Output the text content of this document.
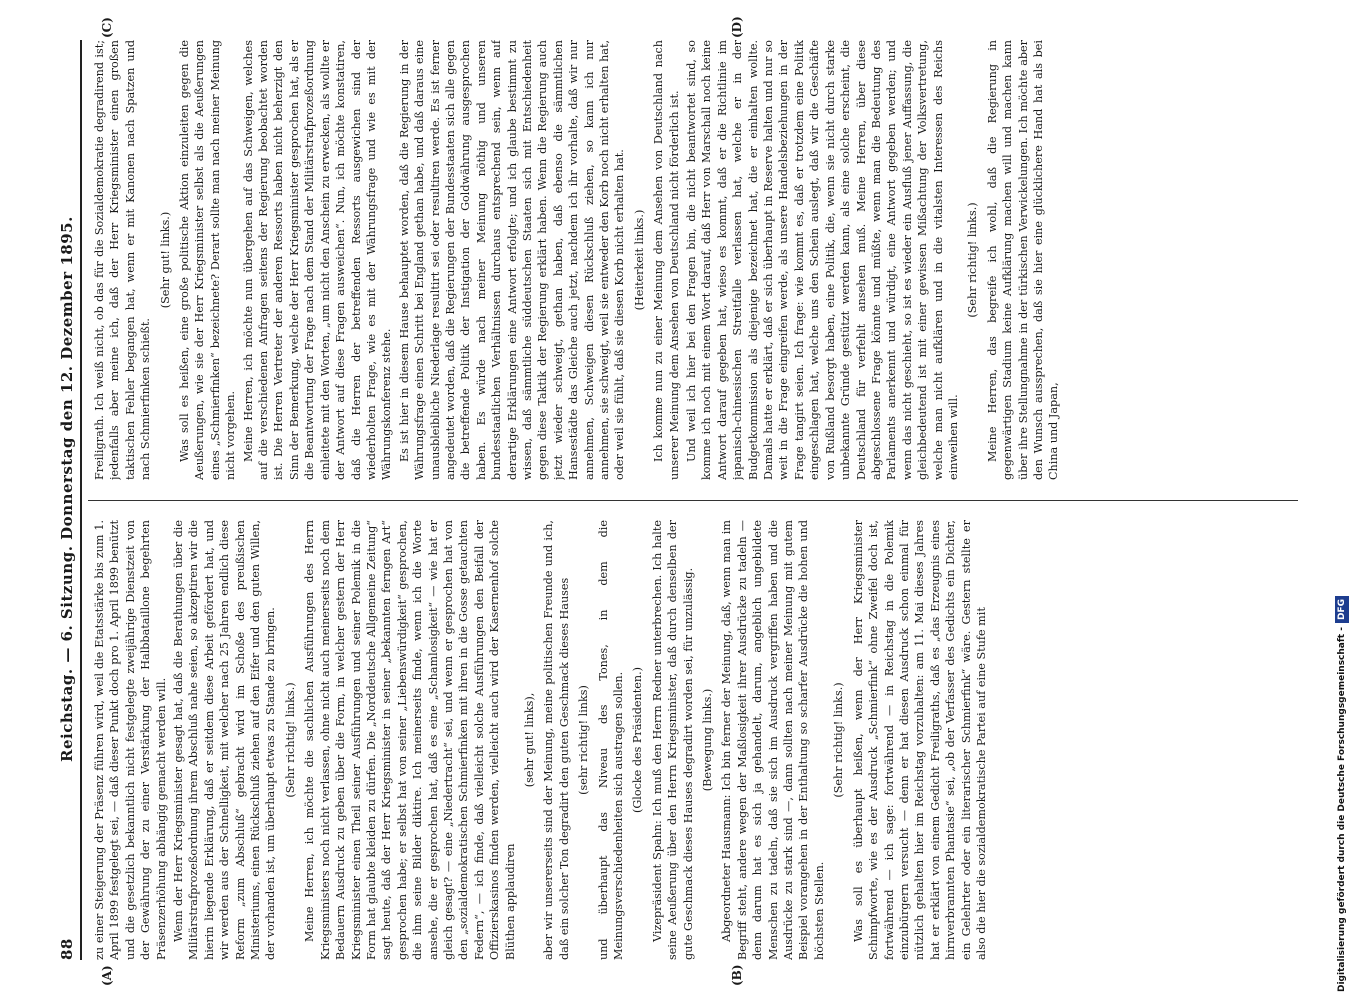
88
Reichstag. — 6. Sitzung. Donnerstag den 12. Dezember 1895.
(A)	(B)
(C)	(D)

zu einer Steigerung der Präsenz führen wird, weil die Etatsstärke bis zum 1. April 1899 festgelegt sei, — daß dieser Punkt doch pro 1. April 1899 benützt und die gesetzlich bekanntlich nicht festgelegte zweijährige Dienstzeit von der Gewährung der zu einer Verstärkung der Halbbataillone begehrten Präsenzerhöhung abhängig gemacht werden will. Wenn der Herr Kriegsminister gesagt hat, daß die Berathungen über die Militärstrafprozeßordnung ihrem Abschluß nahe seien, so akzeptiren wir die hierin liegende Erklärung, daß er seitdem diese Arbeit gefördert hat, und wir werden aus der Schnelligkeit, mit welcher nach 25 Jahren endlich diese Reform „zum Abschluß“ gebracht wird im Schoße des preußischen Ministeriums, einen Rückschluß ziehen auf den Eifer und den guten Willen, der vorhanden ist, um überhaupt etwas zu Stande zu bringen. (Sehr richtig! links.) Meine Herren, ich möchte die sachlichen Ausführungen des Herrn Kriegsministers noch nicht verlassen, ohne nicht auch meinerseits noch dem Bedauern Ausdruck zu geben über die Form, in welcher gestern der Herr Kriegsminister einen Theil seiner Ausführungen und seiner Polemik in die Form hat glaubte kleiden zu dürfen. Die „Norddeutsche Allgemeine Zeitung“ sagt heute, daß der Herr Kriegsminister in seiner „bekannten ferngen Art“ gesprochen habe; er selbst hat von seiner „Liebenswürdigkeit“ gesprochen, die ihm seine Bilder diktire. Ich meinerseits finde, wenn ich die Worte ansehe, die er gesprochen hat, daß es eine „Schamlosigkeit“ — wie hat er gleich gesagt? — eine „Niedertracht“ sei, und wenn er gesprochen hat von den „sozialdemokratischen Schmierfinken mit ihren in die Gosse getauchten Federn“, — ich finde, daß vielleicht solche Ausführungen den Beifall der Offizierskasinos finden werden, vielleicht auch wird der Kasernenhof solche Blüthen applaudiren

(sehr gut! links), aber wir unsererseits sind der Meinung, meine politischen Freunde und ich, daß ein solcher Ton degradirt den guten Geschmack dieses Hauses (sehr richtig! links) und überhaupt das Niveau des Tones, in dem die Meinungsverschiedenheiten sich austragen sollen. (Glocke des Präsidenten.) Vizepräsident Spahn: Ich muß den Herrn Redner unterbrechen. Ich halte seine Aeußerung über den Herrn Kriegsminister, daß durch denselben der gute Geschmack dieses Hauses degradirt worden sei, für unzulässig. (Bewegung links.) Abgeordneter Hausmann: Ich bin ferner der Meinung, daß, wenn man im Begriff steht, andere wegen der Maßlosigkeit ihrer Ausdrücke zu tadeln — denn darum hat es sich ja gehandelt, darum, angeblich ungebildete Menschen zu tadeln, daß sie sich im Ausdruck vergriffen haben und die Ausdrücke zu stark sind —, dann sollten nach meiner Meinung mit gutem Beispiel vorangehen in der Enthaltung so scharfer Ausdrücke die hohen und höchsten Stellen.

(Sehr richtig! links.) Was soll es überhaupt heißen, wenn der Herr Kriegsminister Schimpfworte, wie es der Ausdruck „Schmierfink“ ohne Zweifel doch ist, fortwährend — ich sage: fortwährend — in Reichstag in die Polemik einzubürgern versucht — denn er hat diesen Ausdruck schon einmal für nützlich gehalten hier im Reichstag vorzuhalten: am 11. Mai dieses Jahres hat er erklärt von einem Gedicht Freiligraths, daß es „das Erzeugnis eines hirnverbrannten Phantasie“ sei, „ob der Verfasser des Gedichts ein Dichter, ein Gelehrter oder ein literarischer Schmierfink“ wäre. Gestern stellte er also die hier die sozialdemokratische Partei auf eine Stufe mit

Freiligrath. Ich weiß nicht, ob das für die Sozialdemokratie degradirend ist; jedenfalls aber meine ich, daß der Herr Kriegsminister einen großen taktischen Fehler begangen hat, wenn er mit Kanonen nach Spatzen und nach Schmierfinken schießt.

(Sehr gut! links.) Was soll es heißen, eine große politische Aktion einzuleiten gegen die Aeußerungen, wie sie der Herr Kriegsminister selbst als die Aeußerungen eines „Schmierfinken“ bezeichnete? Derart sollte man nach meiner Meinung nicht vorgehen. Meine Herren, ich möchte nun übergehen auf das Schweigen, welches auf die verschiedenen Anfragen seitens der Regierung beobachtet worden ist. Die Herren Vertreter der anderen Ressorts haben nicht beherzigt den Sinn der Bemerkung, welche der Herr Kriegsminister gesprochen hat, als er die Beantwortung der Frage nach dem Stand der Militärstrafprozeßordnung einleitete mit den Worten, „um nicht den Anschein zu erwecken, als wollte er der Antwort auf diese Fragen ausweichen“. Nun, ich möchte konstatiren, daß die Herren der betreffenden Ressorts ausgewichen sind der wiederholten Frage, wie es mit der Währungsfrage und wie es mit der Währungskonferenz stehe. Es ist hier in diesem Hause behauptet worden, daß die Regierung in der Währungsfrage einen Schritt bei England gethan habe, und daß daraus eine unausbleibliche Niederlage resultirt sei oder resultiren werde. Es ist ferner angedeutet worden, daß die Regierungen der Bundesstaaten sich alle gegen die betreffende Politik der Instigation der Goldwährung ausgesprochen haben. Es würde nach meiner Meinung nöthig und unseren bundesstaatlichen Verhältnissen durchaus entsprechend sein, wenn auf derartige Erklärungen eine Antwort erfolgte; und ich glaube bestimmt zu wissen, daß sämmtliche süddeutschen Staaten sich mit Entschiedenheit gegen diese Taktik der Regierung erklärt haben. Wenn die Regierung auch jetzt wieder schweigt, gethan haben, daß ebenso die sämmtlichen Hansestädte das Gleiche auch jetzt, nachdem ich ihr vorhalte, daß wir nur annehmen, Schweigen diesen Rückschluß ziehen, so kann ich nur annehmen, sie schweigt, weil sie entweder den Korb noch nicht erhalten hat, oder weil sie fühlt, daß sie diesen Korb nicht erhalten hat. (Heiterkeit links.) Ich komme nun zu einer Meinung dem Ansehen von Deutschland nach unserer Meinung dem Ansehen von Deutschland nicht förderlich ist. Und weil ich hier bei den Fragen bin, die nicht beantwortet sind, so komme ich noch mit einem Wort darauf, daß Herr von Marschall noch keine Antwort darauf gegeben hat, wieso es kommt, daß er die Richtlinie im japanisch-chinesischen Streitfalle verlassen hat, welche er in der Budgetkommission als diejenige bezeichnet hat, die er einhalten wollte. Damals hatte er erklärt, daß er sich überhaupt in Reserve halten und nur so weit in die Frage eingreifen werde, als unsere Handelsbeziehungen in der Frage tangirt seien. Ich frage: wie kommt es, daß er trotzdem eine Politik eingeschlagen hat, welche uns den Schein auslegt, daß wir die Geschäfte von Rußland besorgt haben, eine Politik, die, wenn sie nicht durch starke unbekannte Gründe gestützt werden kann, als eine solche erscheint, die Deutschland für verfehlt ansehen muß. Meine Herren, über diese abgeschlossene Frage könnte und müßte, wenn man die Bedeutung des Parlaments anerkennt und würdigt, eine Antwort gegeben werden; und wenn das nicht geschieht, so ist es wieder ein Ausfluß jener Auffassung, die gleichbedeutend ist mit einer gewissen Mißachtung der Volksvertretung, welche man nicht aufklären und in die vitalsten Interessen des Reichs einweihen will.

(Sehr richtig! links.) Meine Herren, das begreife ich wohl, daß die Regierung in gegenwärtigen Stadium keine Aufklärung machen will und machen kann über ihre Stellungnahme in der türkischen Verwickelungen. Ich möchte aber den Wunsch aussprechen, daß sie hier eine glücklichere Hand hat als bei China und Japan,

Digitalisierung gefördert durch die Deutsche Forschungsgemeinschaft -DFG
